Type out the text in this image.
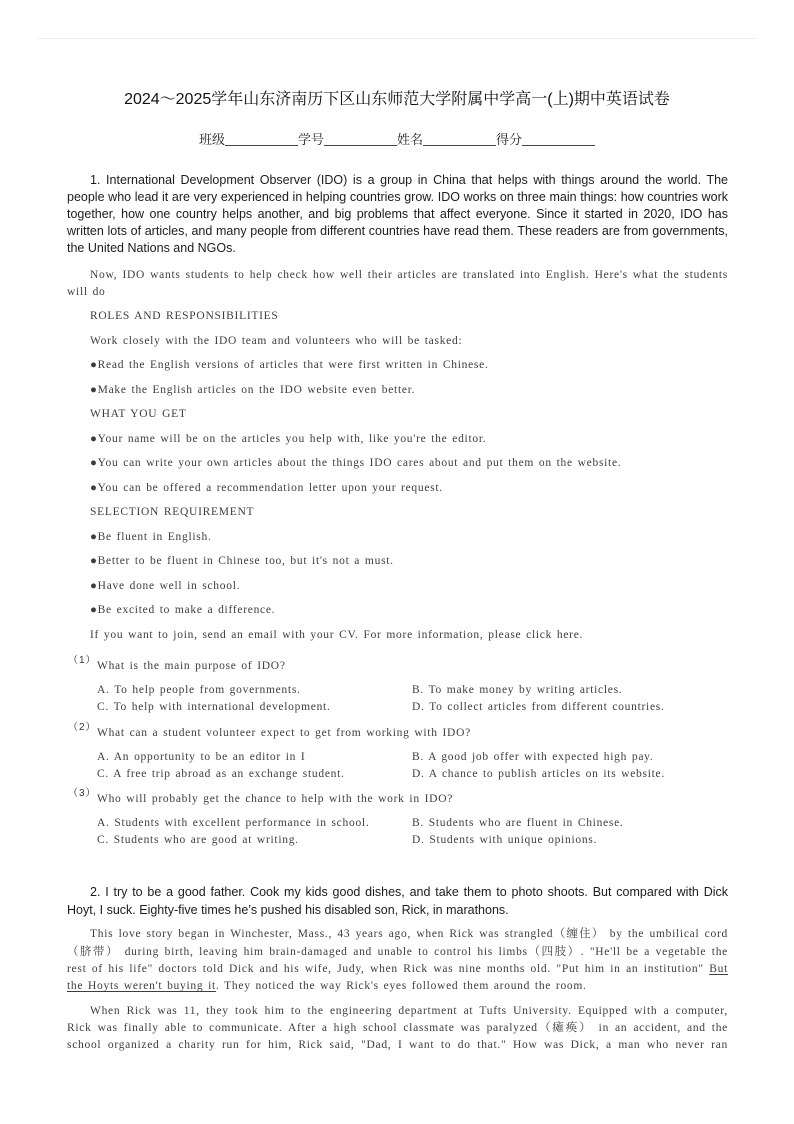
2024～2025学年山东济南历下区山东师范大学附属中学高一(上)期中英语试卷
班级	学号	姓名	得分

1. International Development Observer (IDO) is a group in China that helps with things around the world. The people who lead it are very experienced in helping countries grow. IDO works on three main things: how countries work together, how one country helps another, and big problems that affect everyone. Since it started in 2020, IDO has written lots of articles, and many people from different countries have read them. These readers are from governments, the United Nations and NGOs.

Now, IDO wants students to help check how well their articles are translated into English. Here's what the students will do

ROLES AND RESPONSIBILITIES

Work closely with the IDO team and volunteers who will be tasked:

●Read the English versions of articles that were first written in Chinese.

●Make the English articles on the IDO website even better.

WHAT YOU GET

●Your name will be on the articles you help with, like you're the editor.

●You can write your own articles about the things IDO cares about and put them on the website.

●You can be offered a recommendation letter upon your request.

SELECTION REQUIREMENT

●Be fluent in English.

●Better to be fluent in Chinese too, but it's not a must.

●Have done well in school.

●Be excited to make a difference.

If you want to join, send an email with your CV. For more information, please click here.

（1） What is the main purpose of IDO?
A. To help people from governments.	B. To make money by writing articles.
C. To help with international development.	D. To collect articles from different countries.
（2） What can a student volunteer expect to get from working with IDO?
A. An opportunity to be an editor in I	B. A good job offer with expected high pay.
C. A free trip abroad as an exchange student.	D. A chance to publish articles on its website.
（3） Who will probably get the chance to help with the work in IDO?
A. Students with excellent performance in school.	B. Students who are fluent in Chinese.
C. Students who are good at writing.	D. Students with unique opinions.

2. I try to be a good father. Cook my kids good dishes, and take them to photo shoots. But compared with Dick Hoyt, I suck. Eighty-five times he’s pushed his disabled son, Rick, in marathons.

This love story began in Winchester, Mass., 43 years ago, when Rick was strangled（缠住） by the umbilical cord （脐带） during birth, leaving him brain-damaged and unable to control his limbs（四肢）. "He'll be a vegetable the rest of his life" doctors told Dick and his wife, Judy, when Rick was nine months old. "Put him in an institution" But the Hoyts weren't buying it. They noticed the way Rick's eyes followed them around the room.

When Rick was 11, they took him to the engineering department at Tufts University. Equipped with a computer, Rick was finally able to communicate. After a high school classmate was paralyzed（瘫痪） in an accident, and the school organized a charity run for him, Rick said, "Dad, I want to do that." How was Dick, a man who never ran
